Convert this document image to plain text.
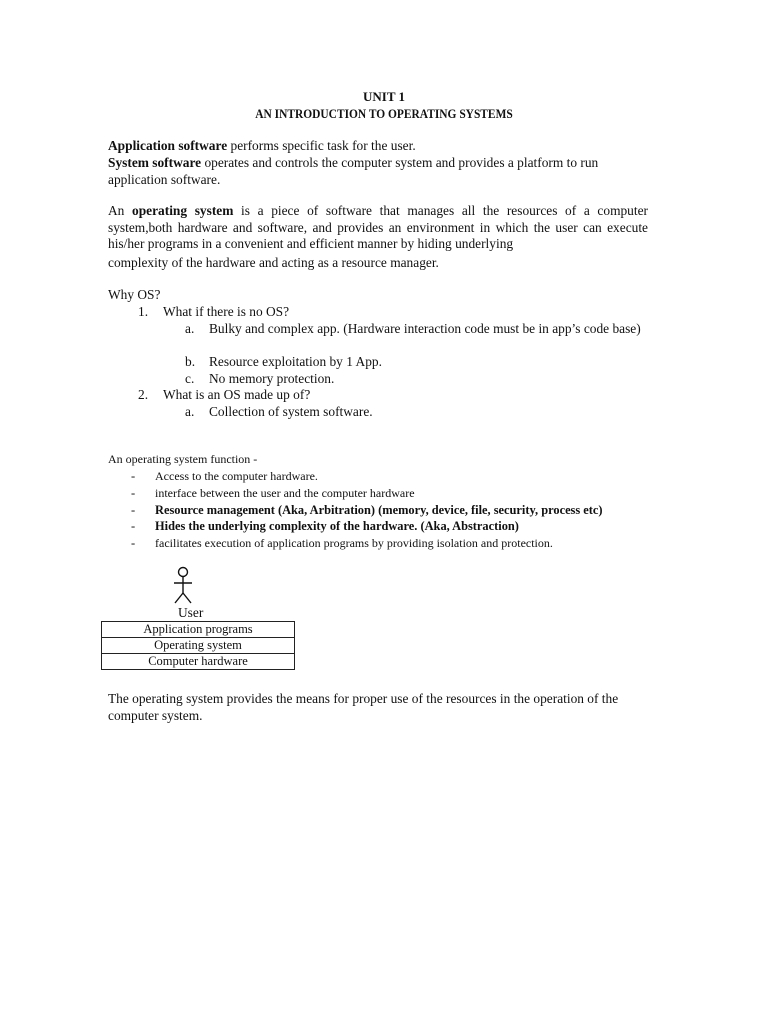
UNIT 1
AN INTRODUCTION TO OPERATING SYSTEMS
Application software performs specific task for the user.
System software operates and controls the computer system and provides a platform to run
application software.
An operating system is a piece of software that manages all the resources of a computer system,both hardware and software, and provides an environment in which the user can execute his/her programs in a convenient and efficient manner by hiding underlying
complexity of the hardware and acting as a resource manager.
Why OS?
1. What if there is no OS?
a. Bulky and complex app. (Hardware interaction code must be in app’s code base)
b. Resource exploitation by 1 App.
c. No memory protection.
2. What is an OS made up of?
a. Collection of system software.
An operating system function -
- Access to the computer hardware.
- interface between the user and the computer hardware
- Resource management (Aka, Arbitration) (memory, device, file, security, process etc)
- Hides the underlying complexity of the hardware. (Aka, Abstraction)
- facilitates execution of application programs by providing isolation and protection.
User
Application programs
Operating system
Computer hardware
The operating system provides the means for proper use of the resources in the operation of the computer system.
